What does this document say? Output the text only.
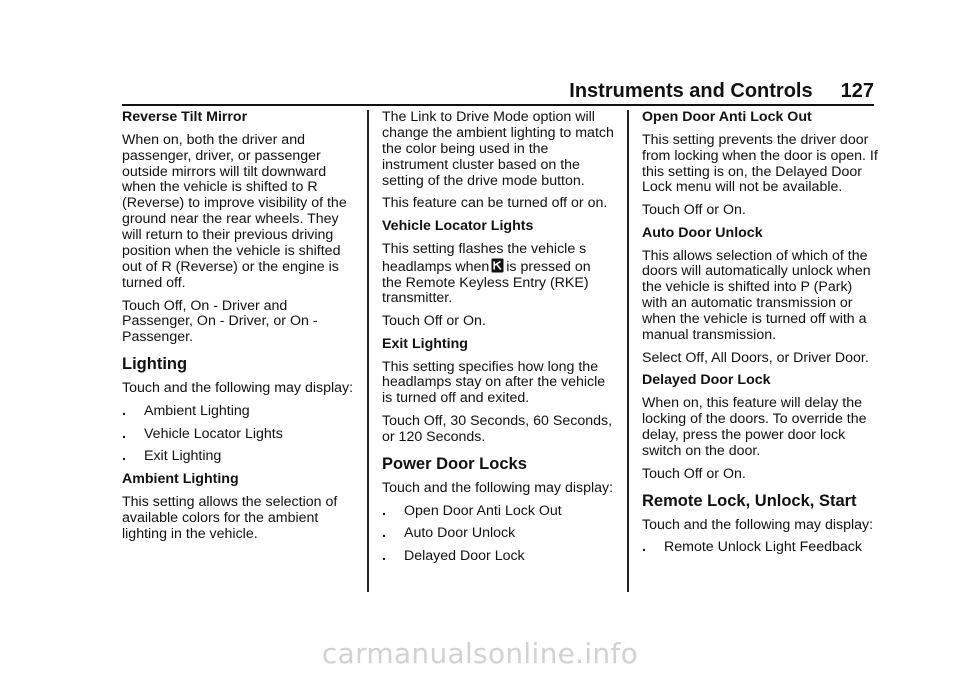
Instruments and Controls 127

Reverse Tilt Mirror

When on, both the driver and passenger, driver, or passenger outside mirrors will tilt downward when the vehicle is shifted to R (Reverse) to improve visibility of the ground near the rear wheels. They will return to their previous driving position when the vehicle is shifted out of R (Reverse) or the engine is turned off.

Touch Off, On - Driver and Passenger, On - Driver, or On - Passenger.

Lighting

Touch and the following may display:

.	Ambient Lighting
.	Vehicle Locator Lights
.	Exit Lighting

Ambient Lighting

This setting allows the selection of available colors for the ambient lighting in the vehicle.

The Link to Drive Mode option will change the ambient lighting to match the color being used in the instrument cluster based on the setting of the drive mode button.

This feature can be turned off or on.

Vehicle Locator Lights

This setting flashes the vehicle s
headlamps when is pressed on the Remote Keyless Entry (RKE) transmitter.

Touch Off or On.

Exit Lighting

This setting specifies how long the headlamps stay on after the vehicle is turned off and exited.

Touch Off, 30 Seconds, 60 Seconds, or 120 Seconds.

Power Door Locks

Touch and the following may display:

.	Open Door Anti Lock Out
.	Auto Door Unlock
.	Delayed Door Lock

Open Door Anti Lock Out

This setting prevents the driver door from locking when the door is open. If this setting is on, the Delayed Door Lock menu will not be available.

Touch Off or On.

Auto Door Unlock

This allows selection of which of the doors will automatically unlock when the vehicle is shifted into P (Park) with an automatic transmission or when the vehicle is turned off with a manual transmission.

Select Off, All Doors, or Driver Door.

Delayed Door Lock

When on, this feature will delay the locking of the doors. To override the delay, press the power door lock switch on the door.

Touch Off or On.

Remote Lock, Unlock, Start

Touch and the following may display:

.	Remote Unlock Light Feedback
carmanualsonline.info
